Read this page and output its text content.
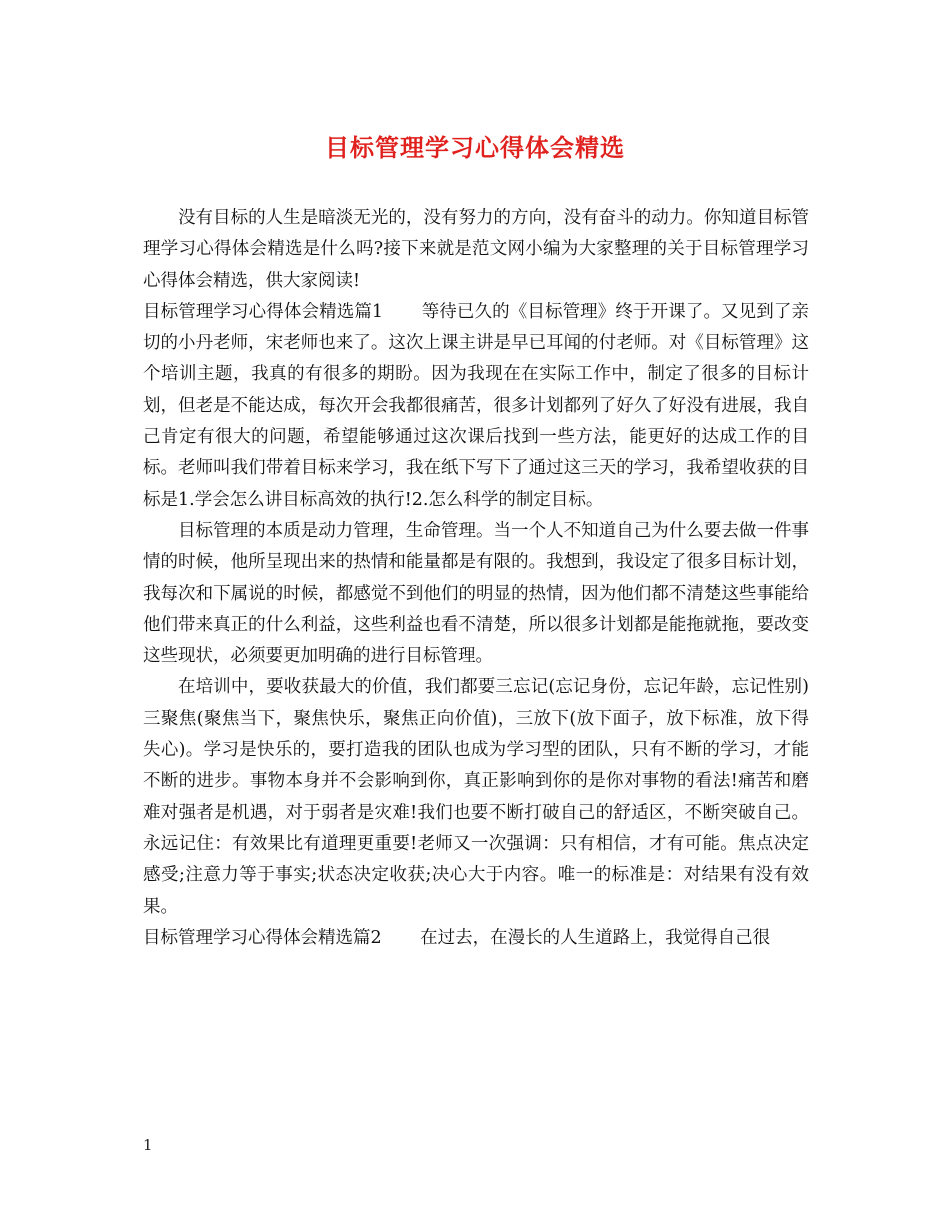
目标管理学习心得体会精选

没有目标的人生是暗淡无光的，没有努力的方向，没有奋斗的动力。你知道目标管理学习心得体会精选是什么吗?接下来就是范文网小编为大家整理的关于目标管理学习心得体会精选，供大家阅读!

目标管理学习心得体会精选篇1 等待已久的《目标管理》终于开课了。又见到了亲切的小丹老师，宋老师也来了。这次上课主讲是早已耳闻的付老师。对《目标管理》这个培训主题，我真的有很多的期盼。因为我现在在实际工作中，制定了很多的目标计划，但老是不能达成，每次开会我都很痛苦，很多计划都列了好久了好没有进展，我自己肯定有很大的问题，希望能够通过这次课后找到一些方法，能更好的达成工作的目标。老师叫我们带着目标来学习，我在纸下写下了通过这三天的学习，我希望收获的目标是1.学会怎么讲目标高效的执行!2.怎么科学的制定目标。

目标管理的本质是动力管理，生命管理。当一个人不知道自己为什么要去做一件事情的时候，他所呈现出来的热情和能量都是有限的。我想到，我设定了很多目标计划，我每次和下属说的时候，都感觉不到他们的明显的热情，因为他们都不清楚这些事能给他们带来真正的什么利益，这些利益也看不清楚，所以很多计划都是能拖就拖，要改变这些现状，必须要更加明确的进行目标管理。

在培训中，要收获最大的价值，我们都要三忘记(忘记身份，忘记年龄，忘记性别)三聚焦(聚焦当下，聚焦快乐，聚焦正向价值)，三放下(放下面子，放下标准，放下得失心)。学习是快乐的，要打造我的团队也成为学习型的团队，只有不断的学习，才能不断的进步。事物本身并不会影响到你，真正影响到你的是你对事物的看法!痛苦和磨难对强者是机遇，对于弱者是灾难!我们也要不断打破自己的舒适区，不断突破自己。永远记住：有效果比有道理更重要!老师又一次强调：只有相信，才有可能。焦点决定感受;注意力等于事实;状态决定收获;决心大于内容。唯一的标准是：对结果有没有效果。

目标管理学习心得体会精选篇2 在过去，在漫长的人生道路上，我觉得自己很

1
